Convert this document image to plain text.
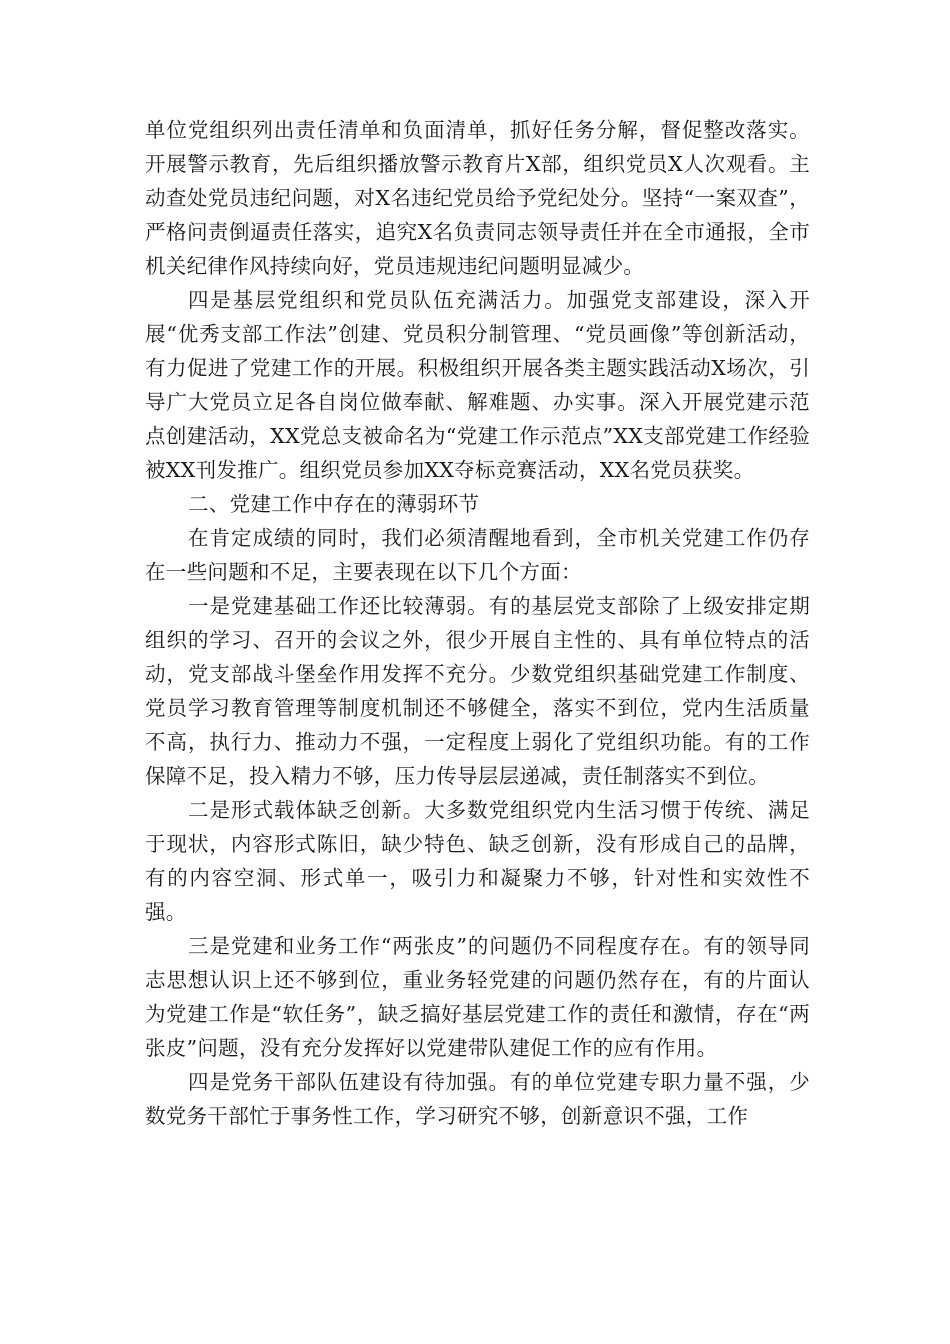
单位党组织列出责任清单和负面清单，抓好任务分解，督促整改落实。开展警示教育，先后组织播放警示教育片X部，组织党员X人次观看。主动查处党员违纪问题，对X名违纪党员给予党纪处分。坚持“一案双查”，严格问责倒逼责任落实，追究X名负责同志领导责任并在全市通报，全市机关纪律作风持续向好，党员违规违纪问题明显减少。

四是基层党组织和党员队伍充满活力。加强党支部建设，深入开展“优秀支部工作法”创建、党员积分制管理、“党员画像”等创新活动，有力促进了党建工作的开展。积极组织开展各类主题实践活动X场次，引导广大党员立足各自岗位做奉献、解难题、办实事。深入开展党建示范点创建活动，XX党总支被命名为“党建工作示范点”XX支部党建工作经验被XX刊发推广。组织党员参加XX夺标竞赛活动，XX名党员获奖。

二、党建工作中存在的薄弱环节

在肯定成绩的同时，我们必须清醒地看到，全市机关党建工作仍存在一些问题和不足，主要表现在以下几个方面：

一是党建基础工作还比较薄弱。有的基层党支部除了上级安排定期组织的学习、召开的会议之外，很少开展自主性的、具有单位特点的活动，党支部战斗堡垒作用发挥不充分。少数党组织基础党建工作制度、党员学习教育管理等制度机制还不够健全，落实不到位，党内生活质量不高，执行力、推动力不强，一定程度上弱化了党组织功能。有的工作保障不足，投入精力不够，压力传导层层递减，责任制落实不到位。

二是形式载体缺乏创新。大多数党组织党内生活习惯于传统、满足于现状，内容形式陈旧，缺少特色、缺乏创新，没有形成自己的品牌，有的内容空洞、形式单一，吸引力和凝聚力不够，针对性和实效性不强。

三是党建和业务工作“两张皮”的问题仍不同程度存在。有的领导同志思想认识上还不够到位，重业务轻党建的问题仍然存在，有的片面认为党建工作是“软任务”，缺乏搞好基层党建工作的责任和激情，存在“两张皮”问题，没有充分发挥好以党建带队建促工作的应有作用。

四是党务干部队伍建设有待加强。有的单位党建专职力量不强，少数党务干部忙于事务性工作，学习研究不够，创新意识不强，工作
